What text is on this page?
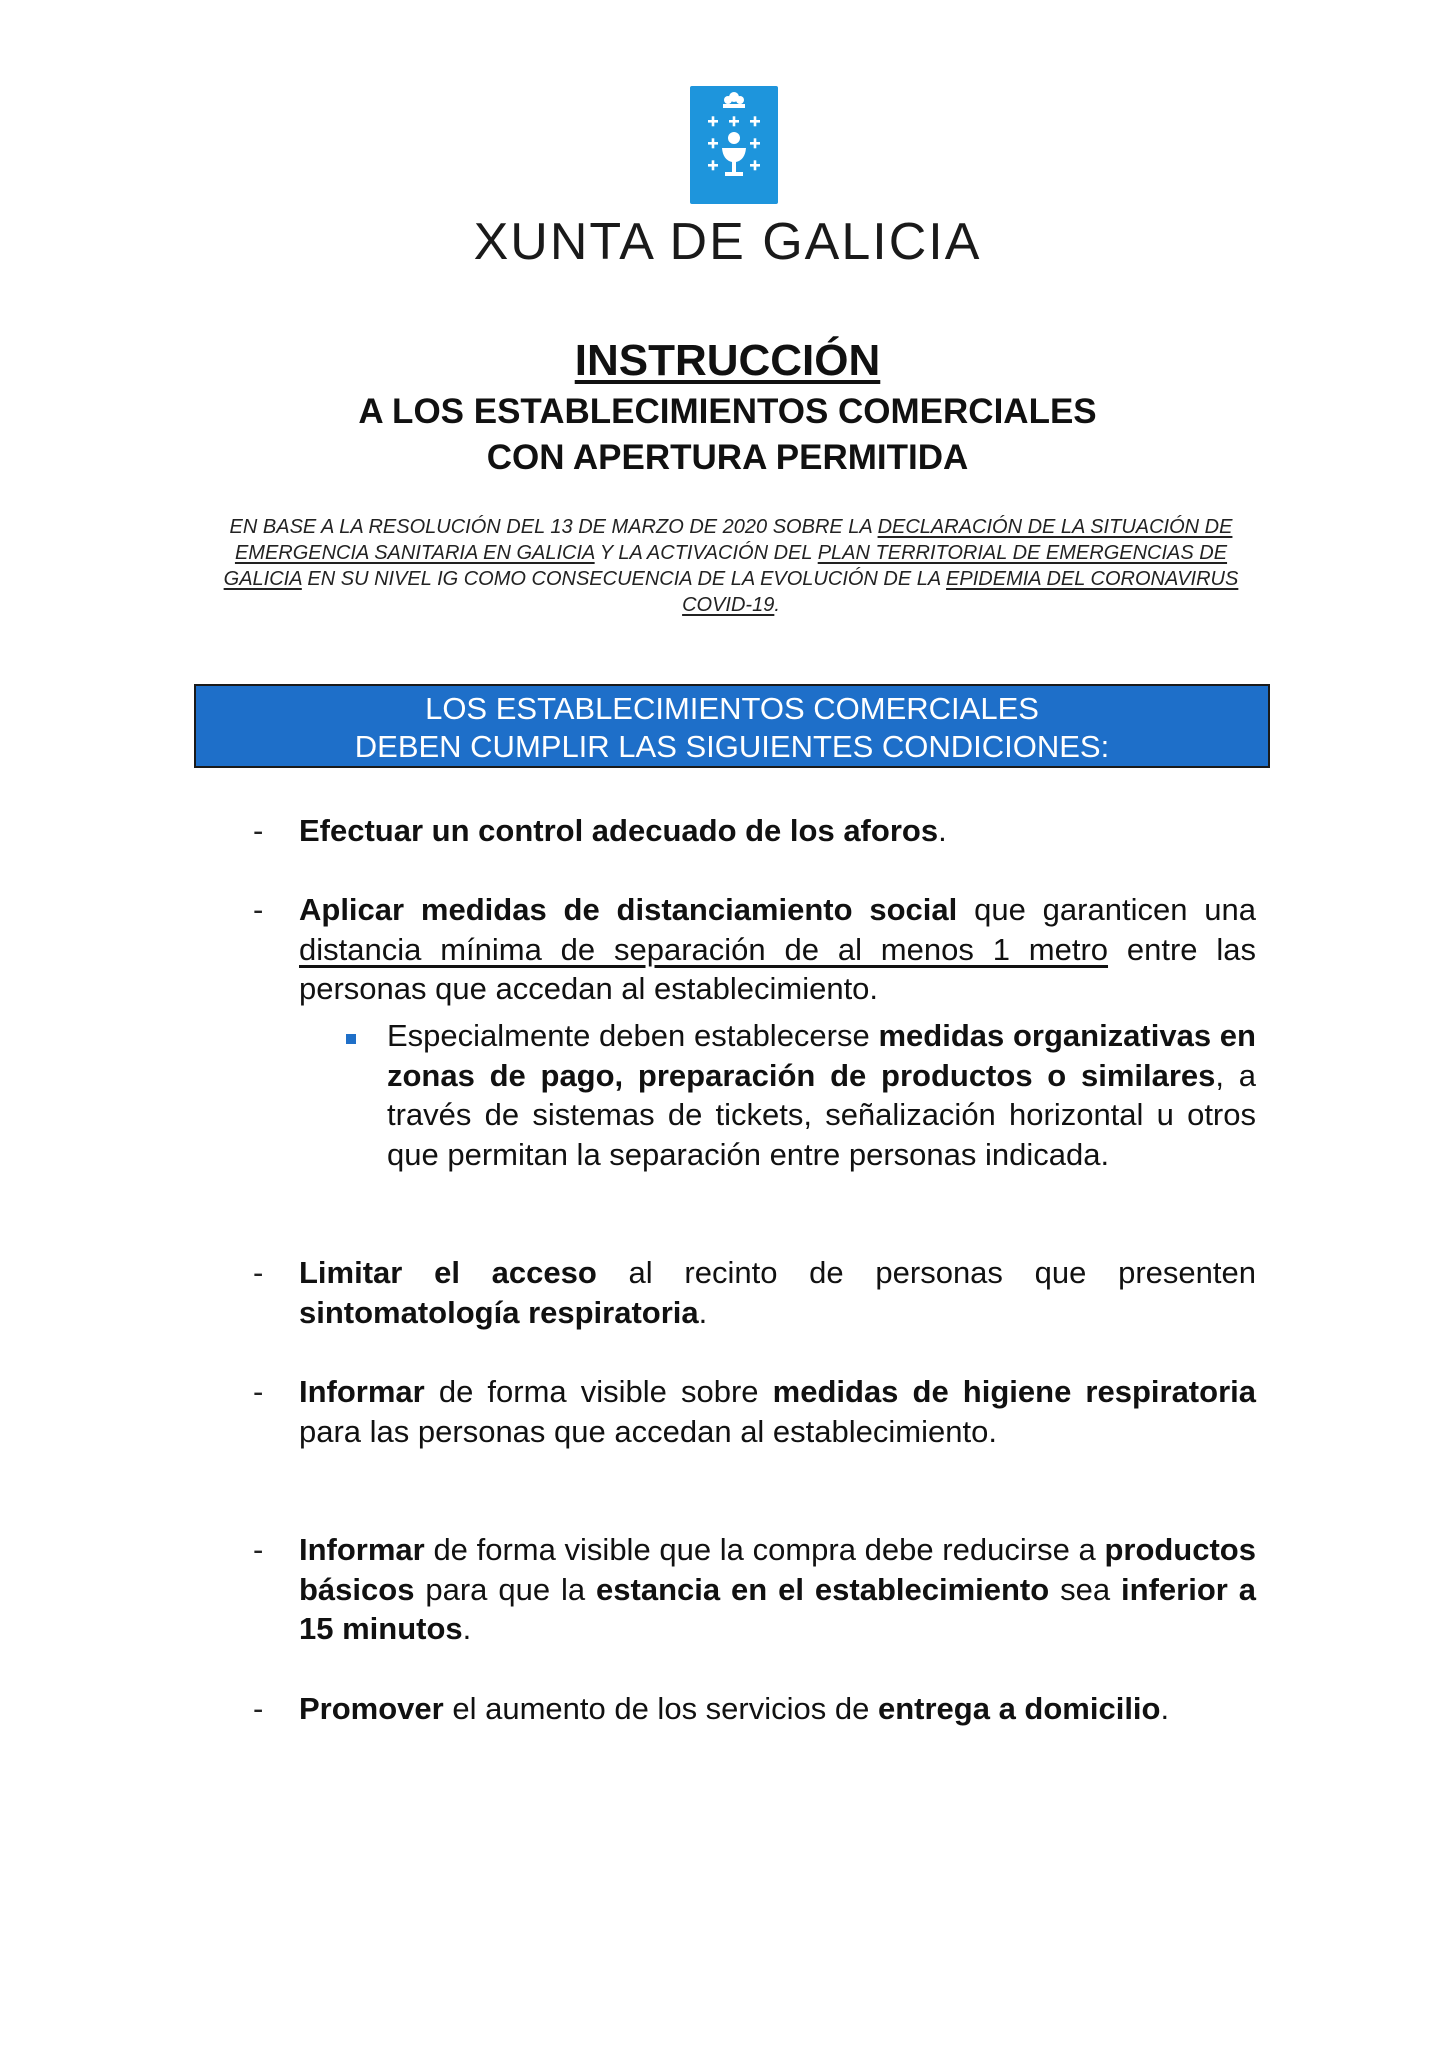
XUNTA DE GALICIA
INSTRUCCIÓN
A LOS ESTABLECIMIENTOS COMERCIALES
CON APERTURA PERMITIDA
EN BASE A LA RESOLUCIÓN DEL 13 DE MARZO DE 2020 SOBRE LA DECLARACIÓN DE LA SITUACIÓN DE EMERGENCIA SANITARIA EN GALICIA Y LA ACTIVACIÓN DEL PLAN TERRITORIAL DE EMERGENCIAS DE GALICIA EN SU NIVEL IG COMO CONSECUENCIA DE LA EVOLUCIÓN DE LA EPIDEMIA DEL CORONAVIRUS COVID-19.
LOS ESTABLECIMIENTOS COMERCIALES
DEBEN CUMPLIR LAS SIGUIENTES CONDICIONES:
- Efectuar un control adecuado de los aforos.
- Aplicar medidas de distanciamiento social que garanticen una distancia mínima de separación de al menos 1 metro entre las personas que accedan al establecimiento.
Especialmente deben establecerse medidas organizativas en zonas de pago, preparación de productos o similares, a través de sistemas de tickets, señalización horizontal u otros que permitan la separación entre personas indicada.
- Limitar el acceso al recinto de personas que presenten sintomatología respiratoria.
- Informar de forma visible sobre medidas de higiene respiratoria para las personas que accedan al establecimiento.
- Informar de forma visible que la compra debe reducirse a productos básicos para que la estancia en el establecimiento sea inferior a 15 minutos.
- Promover el aumento de los servicios de entrega a domicilio.
